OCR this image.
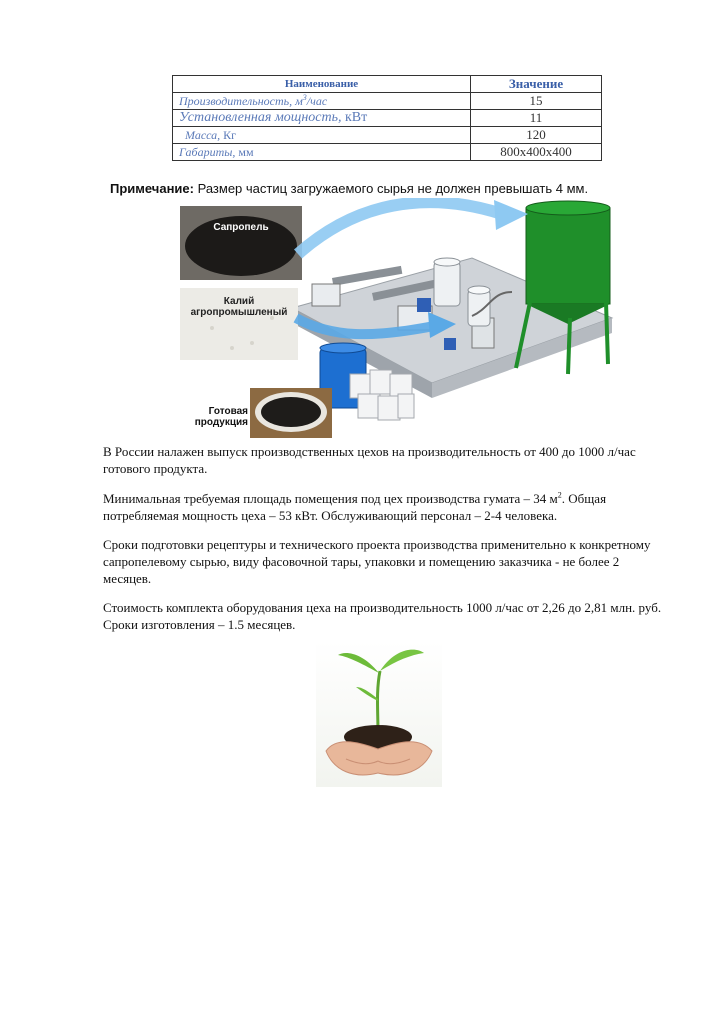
Наименование	Значение
Производительность, $м^3$/час	15
Установленная мощность, кВт	11
Масса, Кг	120
Габариты, мм	800x400x400
Примечание: Размер частиц загружаемого сырья не должен превышать 4 мм.
Сапропель
Калий
агропромышленый
Готовая
продукция
В России налажен выпуск производственных цехов на производительность от 400 до 1000 л/час готового продукта.
Минимальная требуемая площадь помещения под цех производства гумата – 34 $м^2$. Общая потребляемая мощность цеха – 53 кВт. Обслуживающий персонал – 2-4 человека.
Сроки подготовки рецептуры и технического проекта производства применительно к конкретному сапропелевому сырью, виду фасовочной тары, упаковки и помещению заказчика - не более 2 месяцев.
Стоимость комплекта оборудования цеха на производительность 1000 л/час от 2,26 до 2,81 млн. руб. Сроки изготовления – 1.5 месяцев.
